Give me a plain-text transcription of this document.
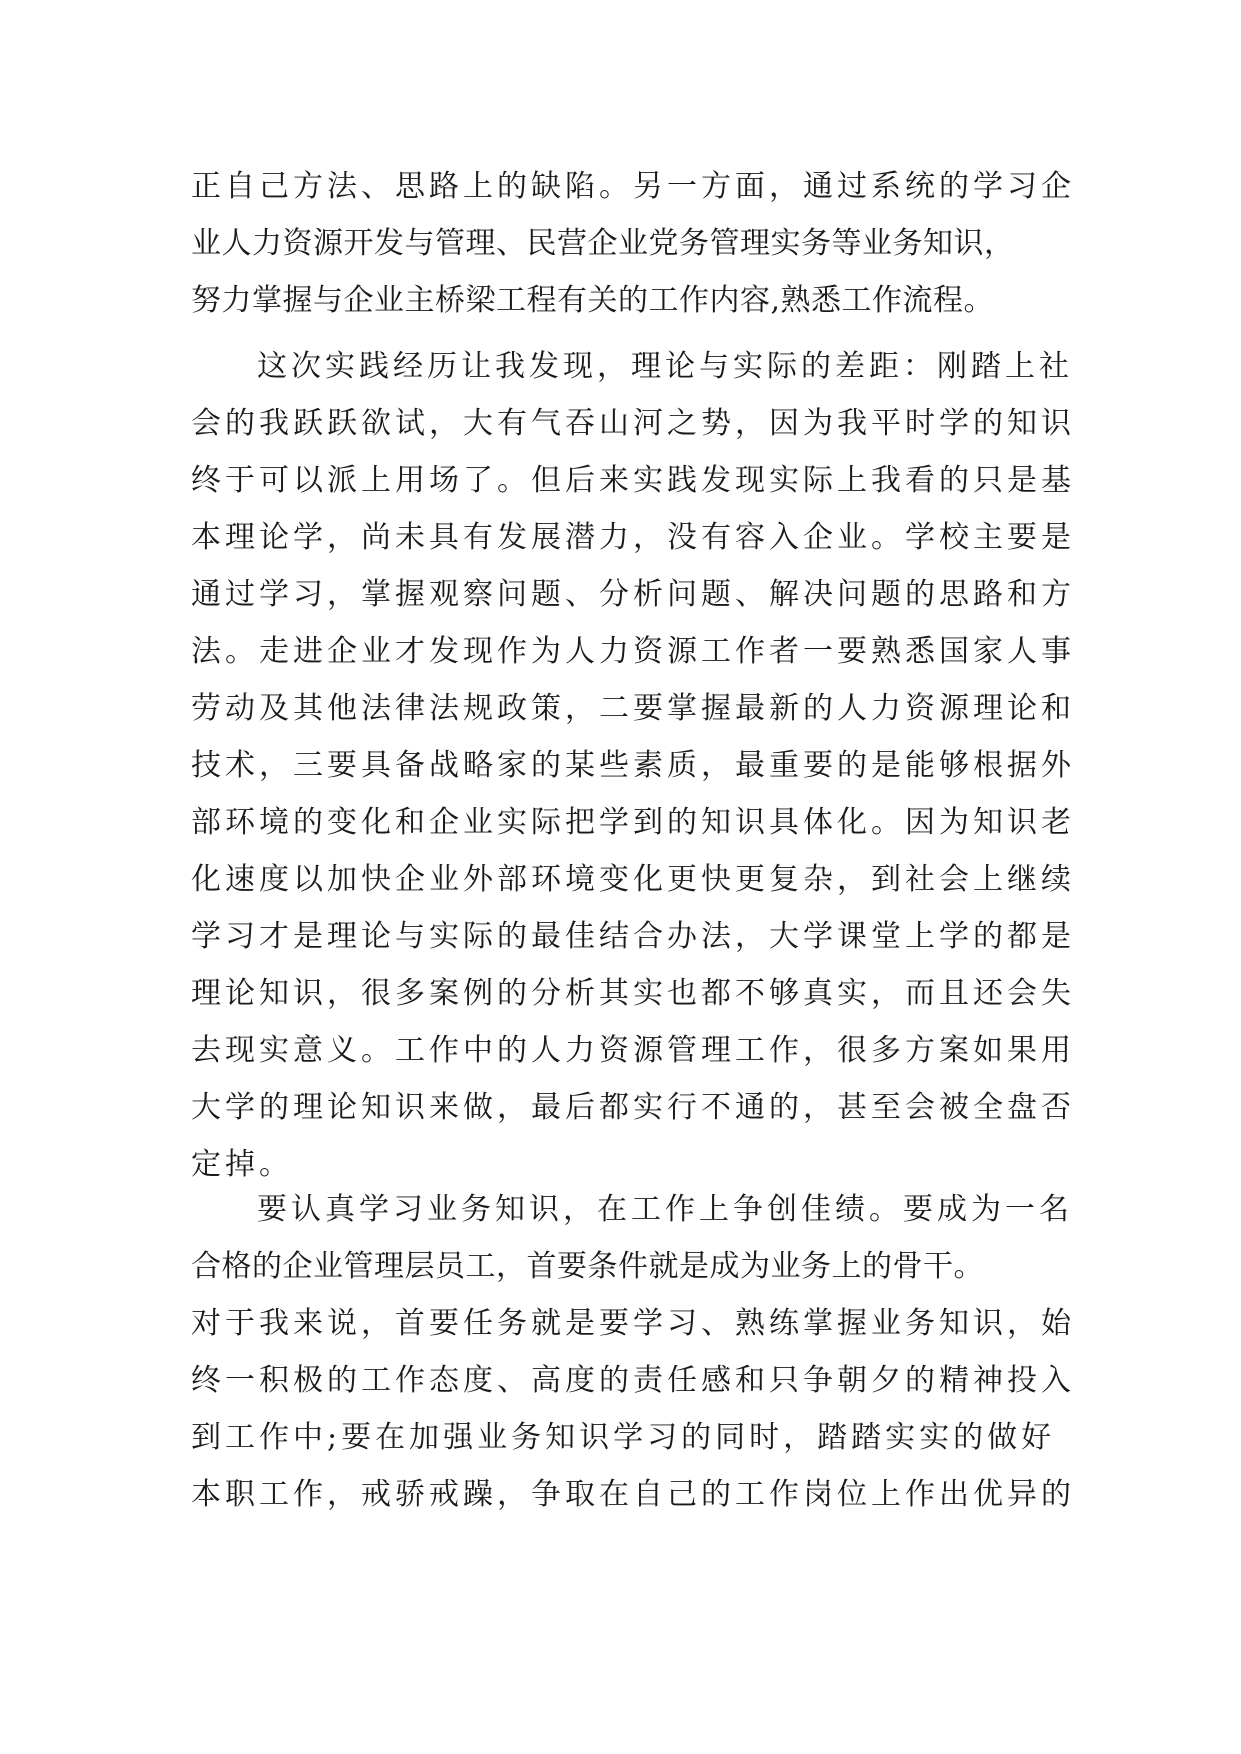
正自己方法、思路上的缺陷。另一方面，通过系统的学习企
业人力资源开发与管理、民营企业党务管理实务等业务知识，
努力掌握与企业主桥梁工程有关的工作内容,熟悉工作流程。
这次实践经历让我发现，理论与实际的差距：刚踏上社
会的我跃跃欲试，大有气吞山河之势，因为我平时学的知识
终于可以派上用场了。但后来实践发现实际上我看的只是基
本理论学，尚未具有发展潜力，没有容入企业。学校主要是
通过学习，掌握观察问题、分析问题、解决问题的思路和方
法。走进企业才发现作为人力资源工作者一要熟悉国家人事
劳动及其他法律法规政策，二要掌握最新的人力资源理论和
技术，三要具备战略家的某些素质，最重要的是能够根据外
部环境的变化和企业实际把学到的知识具体化。因为知识老
化速度以加快企业外部环境变化更快更复杂，到社会上继续
学习才是理论与实际的最佳结合办法，大学课堂上学的都是
理论知识，很多案例的分析其实也都不够真实，而且还会失
去现实意义。工作中的人力资源管理工作，很多方案如果用
大学的理论知识来做，最后都实行不通的，甚至会被全盘否
定掉。
要认真学习业务知识，在工作上争创佳绩。要成为一名
合格的企业管理层员工，首要条件就是成为业务上的骨干。
对于我来说，首要任务就是要学习、熟练掌握业务知识，始
终一积极的工作态度、高度的责任感和只争朝夕的精神投入
到工作中;要在加强业务知识学习的同时，踏踏实实的做好
本职工作，戒骄戒躁，争取在自己的工作岗位上作出优异的
